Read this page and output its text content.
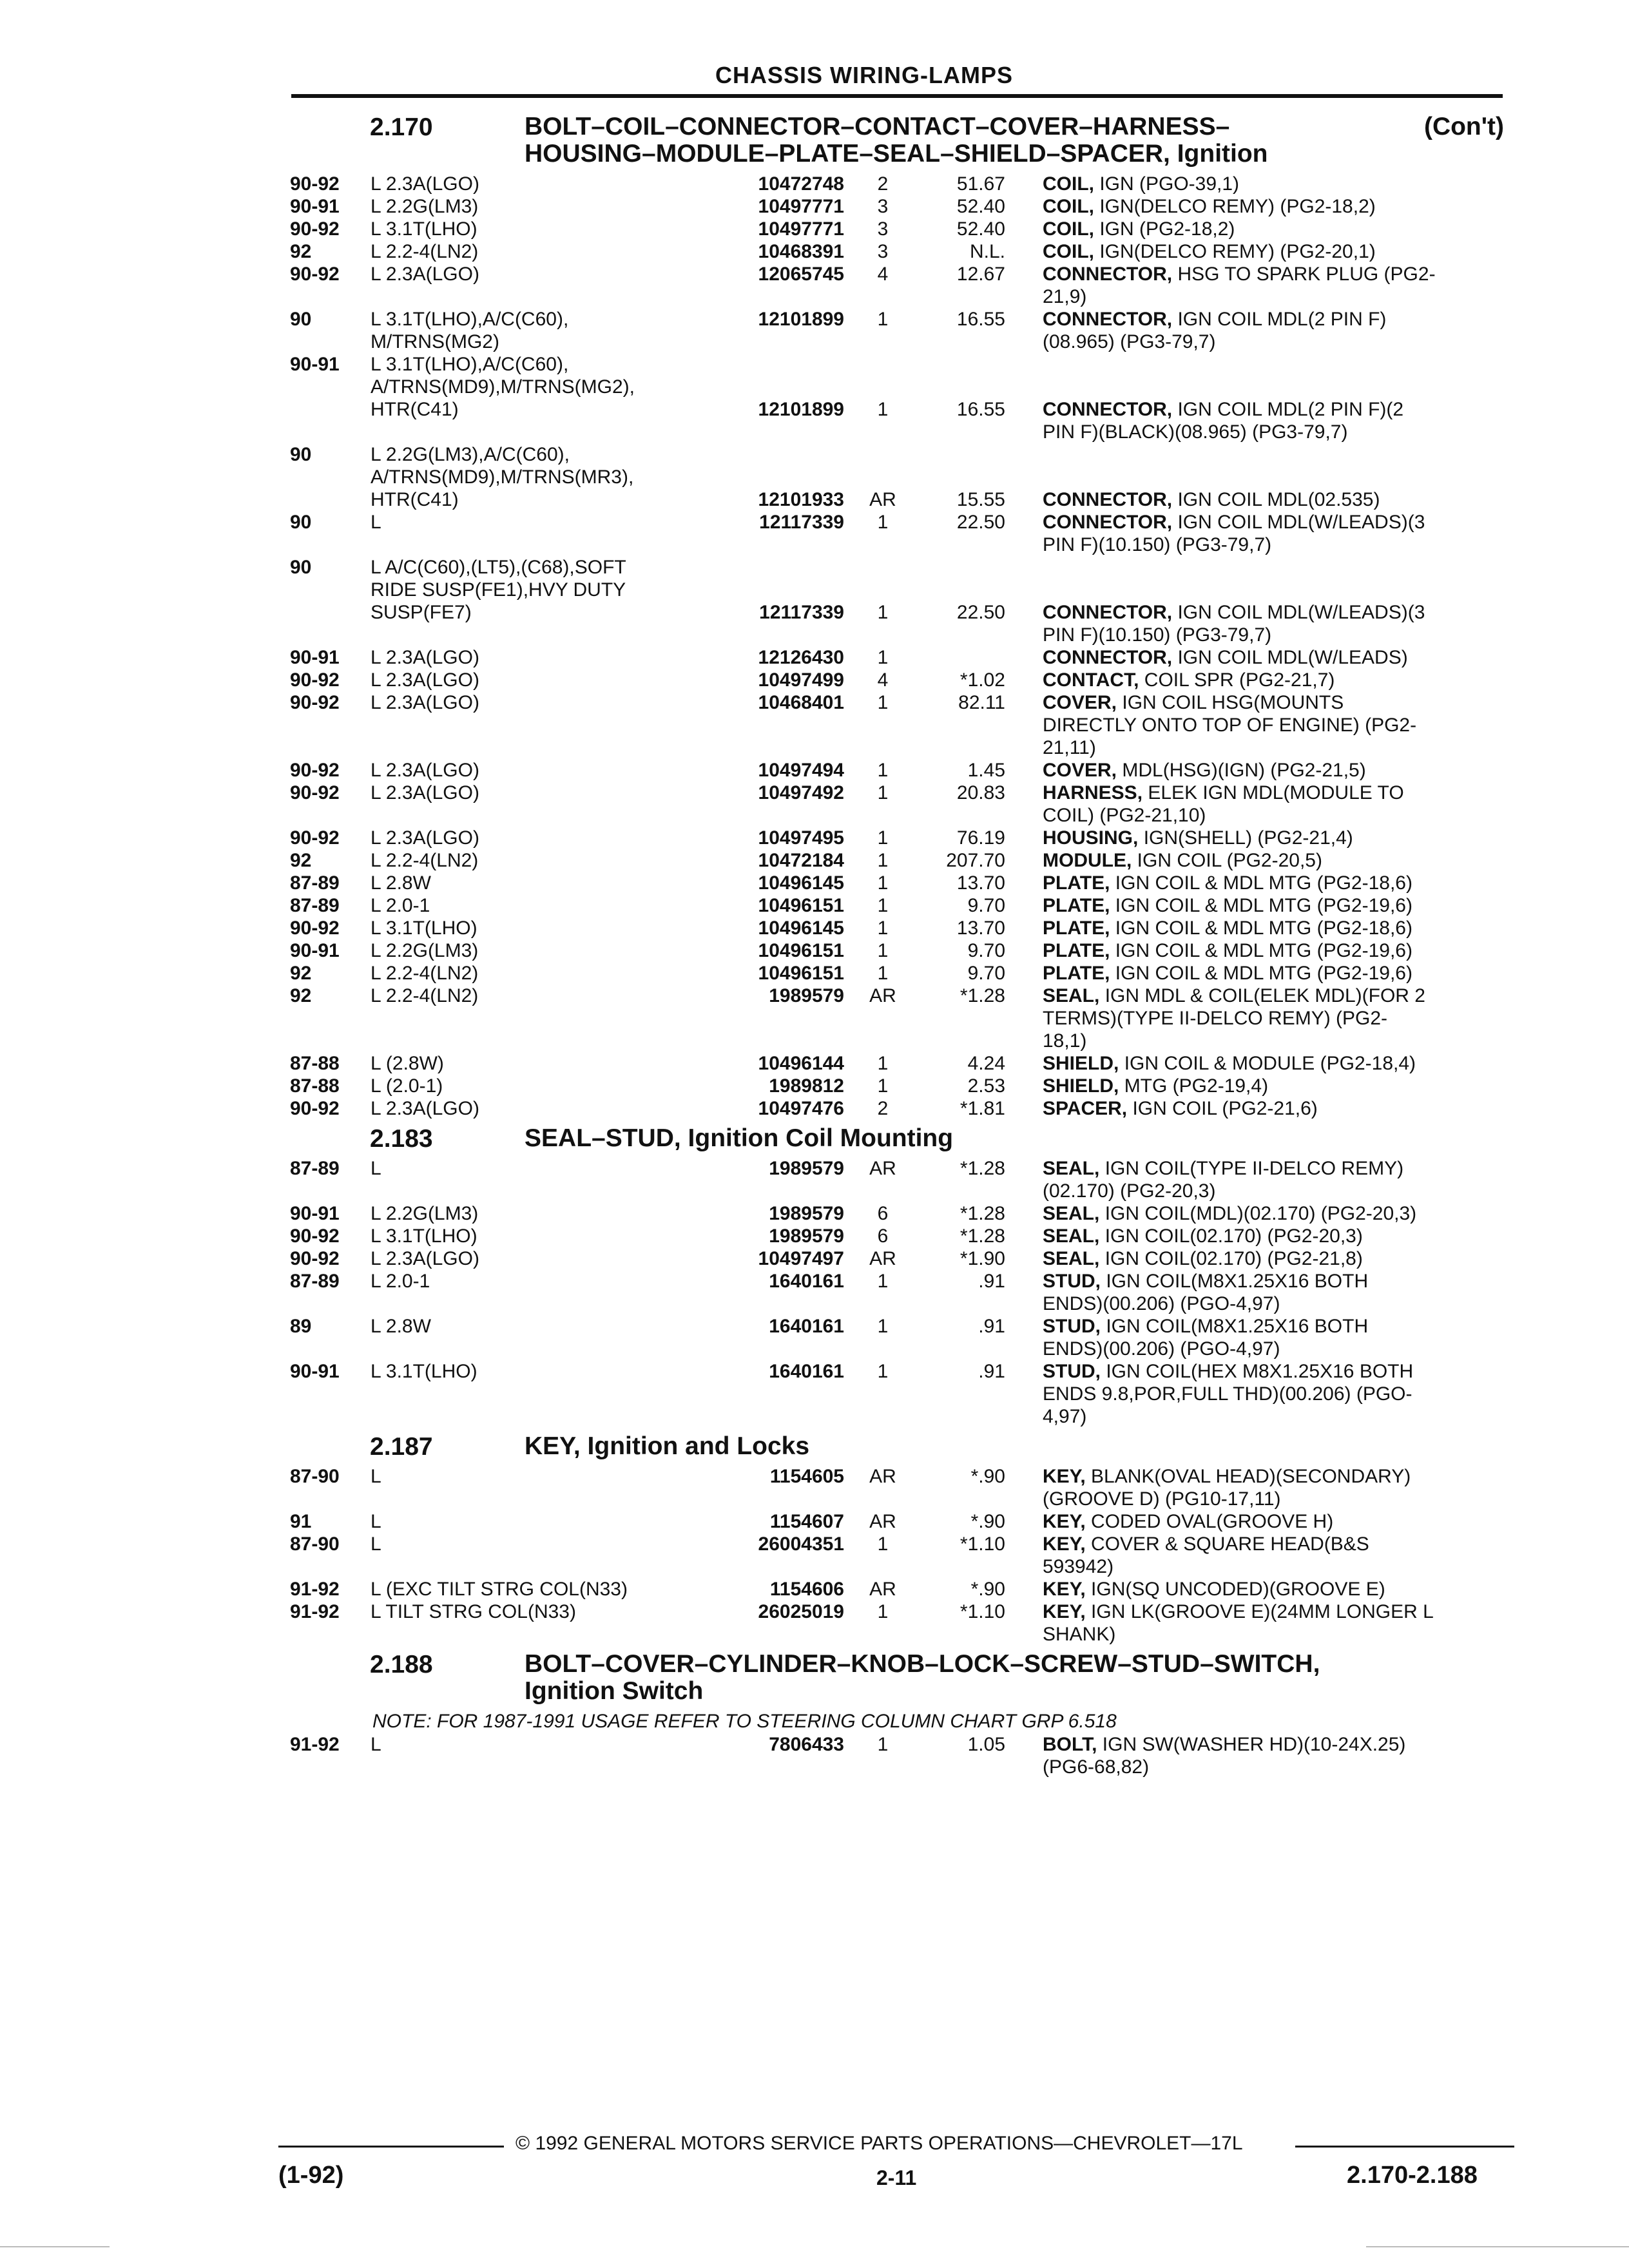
CHASSIS WIRING-LAMPS
2.170	(Con't)
BOLT–COIL–CONNECTOR–CONTACT–COVER–HARNESS–
HOUSING–MODULE–PLATE–SEAL–SHIELD–SPACER, Ignition
90-92	L 2.3A(LGO)	10472748	2	51.67 COIL, IGN (PGO-39,1)
90-91	L 2.2G(LM3)	10497771	3	52.40 COIL, IGN(DELCO REMY) (PG2-18,2)
90-92	L 3.1T(LHO)	10497771	3	52.40 COIL, IGN (PG2-18,2)
92	L 2.2-4(LN2)	10468391	3	N.L. COIL, IGN(DELCO REMY) (PG2-20,1)
90-92	L 2.3A(LGO)	12065745	4	12.67 CONNECTOR, HSG TO SPARK PLUG (PG2-
21,9)
90	L 3.1T(LHO),A/C(C60),
M/TRNS(MG2)
12101899	1	16.55 CONNECTOR, IGN COIL MDL(2 PIN F)
(08.965) (PG3-79,7)
90-91	L 3.1T(LHO),A/C(C60),
A/TRNS(MD9),M/TRNS(MG2),
HTR(C41)	12101899	1	16.55 CONNECTOR, IGN COIL MDL(2 PIN F)(2
PIN F)(BLACK)(08.965) (PG3-79,7)
90	L 2.2G(LM3),A/C(C60),
A/TRNS(MD9),M/TRNS(MR3),
HTR(C41)	12101933	AR	15.55 CONNECTOR, IGN COIL MDL(02.535)
90	L	12117339	1	22.50 CONNECTOR, IGN COIL MDL(W/LEADS)(3
PIN F)(10.150) (PG3-79,7)
90	L A/C(C60),(LT5),(C68),SOFT
RIDE SUSP(FE1),HVY DUTY
SUSP(FE7)	12117339	1	22.50 CONNECTOR, IGN COIL MDL(W/LEADS)(3
PIN F)(10.150) (PG3-79,7)
90-91	L 2.3A(LGO)	12126430	1	CONNECTOR, IGN COIL MDL(W/LEADS)
90-92	L 2.3A(LGO)	10497499	4	*1.02 CONTACT, COIL SPR (PG2-21,7)
90-92	L 2.3A(LGO)	10468401	1	82.11 COVER, IGN COIL HSG(MOUNTS
DIRECTLY ONTO TOP OF ENGINE) (PG2-
21,11)
90-92	L 2.3A(LGO)	10497494	1	1.45 COVER, MDL(HSG)(IGN) (PG2-21,5)
90-92	L 2.3A(LGO)	10497492	1	20.83 HARNESS, ELEK IGN MDL(MODULE TO
COIL) (PG2-21,10)
90-92	L 2.3A(LGO)	10497495	1	76.19 HOUSING, IGN(SHELL) (PG2-21,4)
92	L 2.2-4(LN2)	10472184	1	207.70 MODULE, IGN COIL (PG2-20,5)
87-89	L 2.8W	10496145	1	13.70 PLATE, IGN COIL & MDL MTG (PG2-18,6)
87-89	L 2.0-1	10496151	1	9.70 PLATE, IGN COIL & MDL MTG (PG2-19,6)
90-92	L 3.1T(LHO)	10496145	1	13.70 PLATE, IGN COIL & MDL MTG (PG2-18,6)
90-91	L 2.2G(LM3)	10496151	1	9.70 PLATE, IGN COIL & MDL MTG (PG2-19,6)
92	L 2.2-4(LN2)	10496151	1	9.70 PLATE, IGN COIL & MDL MTG (PG2-19,6)
92	L 2.2-4(LN2)	1989579	AR	*1.28 SEAL, IGN MDL & COIL(ELEK MDL)(FOR 2
TERMS)(TYPE II-DELCO REMY) (PG2-
18,1)
87-88	L (2.8W)	10496144	1	4.24 SHIELD, IGN COIL & MODULE (PG2-18,4)
87-88	L (2.0-1)	1989812	1	2.53 SHIELD, MTG (PG2-19,4)
90-92	L 2.3A(LGO)	10497476	2	*1.81 SPACER, IGN COIL (PG2-21,6)
2.183	SEAL–STUD, Ignition Coil Mounting
87-89	L	1989579	AR	*1.28 SEAL, IGN COIL(TYPE II-DELCO REMY)
(02.170) (PG2-20,3)
90-91	L 2.2G(LM3)	1989579	6	*1.28 SEAL, IGN COIL(MDL)(02.170) (PG2-20,3)
90-92	L 3.1T(LHO)	1989579	6	*1.28 SEAL, IGN COIL(02.170) (PG2-20,3)
90-92	L 2.3A(LGO)	10497497	AR	*1.90 SEAL, IGN COIL(02.170) (PG2-21,8)
87-89	L 2.0-1	1640161	1	.91 STUD, IGN COIL(M8X1.25X16 BOTH
ENDS)(00.206) (PGO-4,97)
89	L 2.8W	1640161	1	.91 STUD, IGN COIL(M8X1.25X16 BOTH
ENDS)(00.206) (PGO-4,97)
90-91	L 3.1T(LHO)	1640161	1	.91 STUD, IGN COIL(HEX M8X1.25X16 BOTH
ENDS 9.8,POR,FULL THD)(00.206) (PGO-
4,97)
2.187	KEY, Ignition and Locks
87-90	L	1154605	AR	*.90 KEY, BLANK(OVAL HEAD)(SECONDARY)
(GROOVE D) (PG10-17,11)
91	L	1154607	AR	*.90 KEY, CODED OVAL(GROOVE H)
87-90	L	26004351	1	*1.10 KEY, COVER & SQUARE HEAD(B&S
593942)
91-92	L (EXC TILT STRG COL(N33)	1154606	AR	*.90 KEY, IGN(SQ UNCODED)(GROOVE E)
91-92	L TILT STRG COL(N33)	26025019	1	*1.10 KEY, IGN LK(GROOVE E)(24MM LONGER L
SHANK)
2.188	BOLT–COVER–CYLINDER–KNOB–LOCK–SCREW–STUD–SWITCH,
Ignition Switch
NOTE: FOR 1987-1991 USAGE REFER TO STEERING COLUMN CHART GRP 6.518
91-92	L	7806433	1	1.05 BOLT, IGN SW(WASHER HD)(10-24X.25)
(PG6-68,82)
© 1992 GENERAL MOTORS SERVICE PARTS OPERATIONS—CHEVROLET—17L
(1-92)	2-11	2.170-2.188
